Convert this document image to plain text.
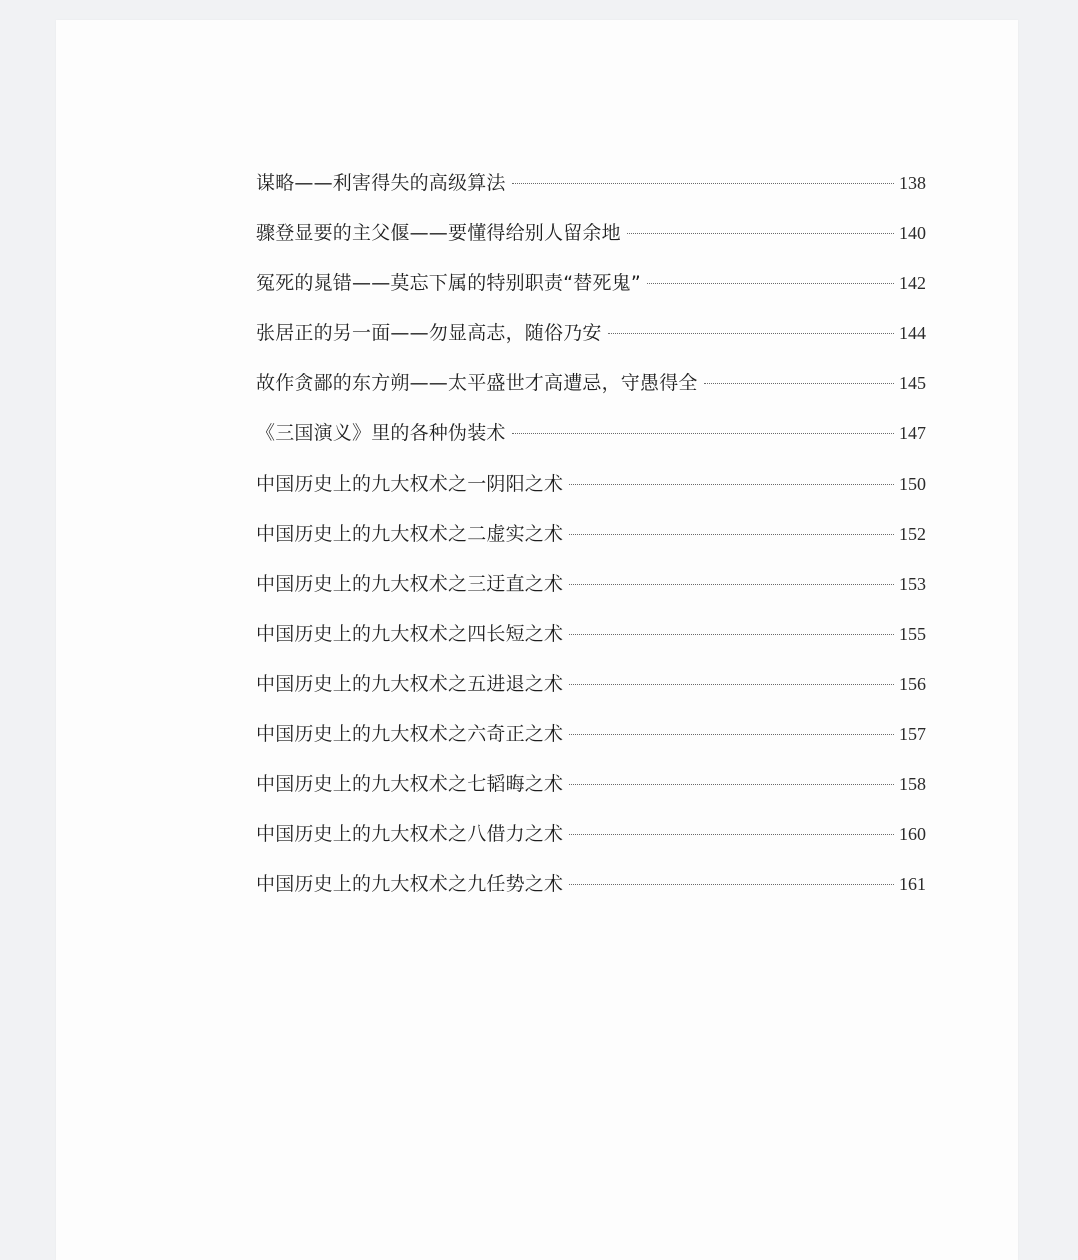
谋略——利害得失的高级算法	138
骤登显要的主父偃——要懂得给别人留余地	140
冤死的晁错——莫忘下属的特别职责“替死鬼”	142
张居正的另一面——勿显高志，随俗乃安	144
故作贪鄙的东方朔——太平盛世才高遭忌，守愚得全	145
《三国演义》里的各种伪装术	147
中国历史上的九大权术之一阴阳之术	150
中国历史上的九大权术之二虚实之术	152
中国历史上的九大权术之三迂直之术	153
中国历史上的九大权术之四长短之术	155
中国历史上的九大权术之五进退之术	156
中国历史上的九大权术之六奇正之术	157
中国历史上的九大权术之七韬晦之术	158
中国历史上的九大权术之八借力之术	160
中国历史上的九大权术之九任势之术	161
